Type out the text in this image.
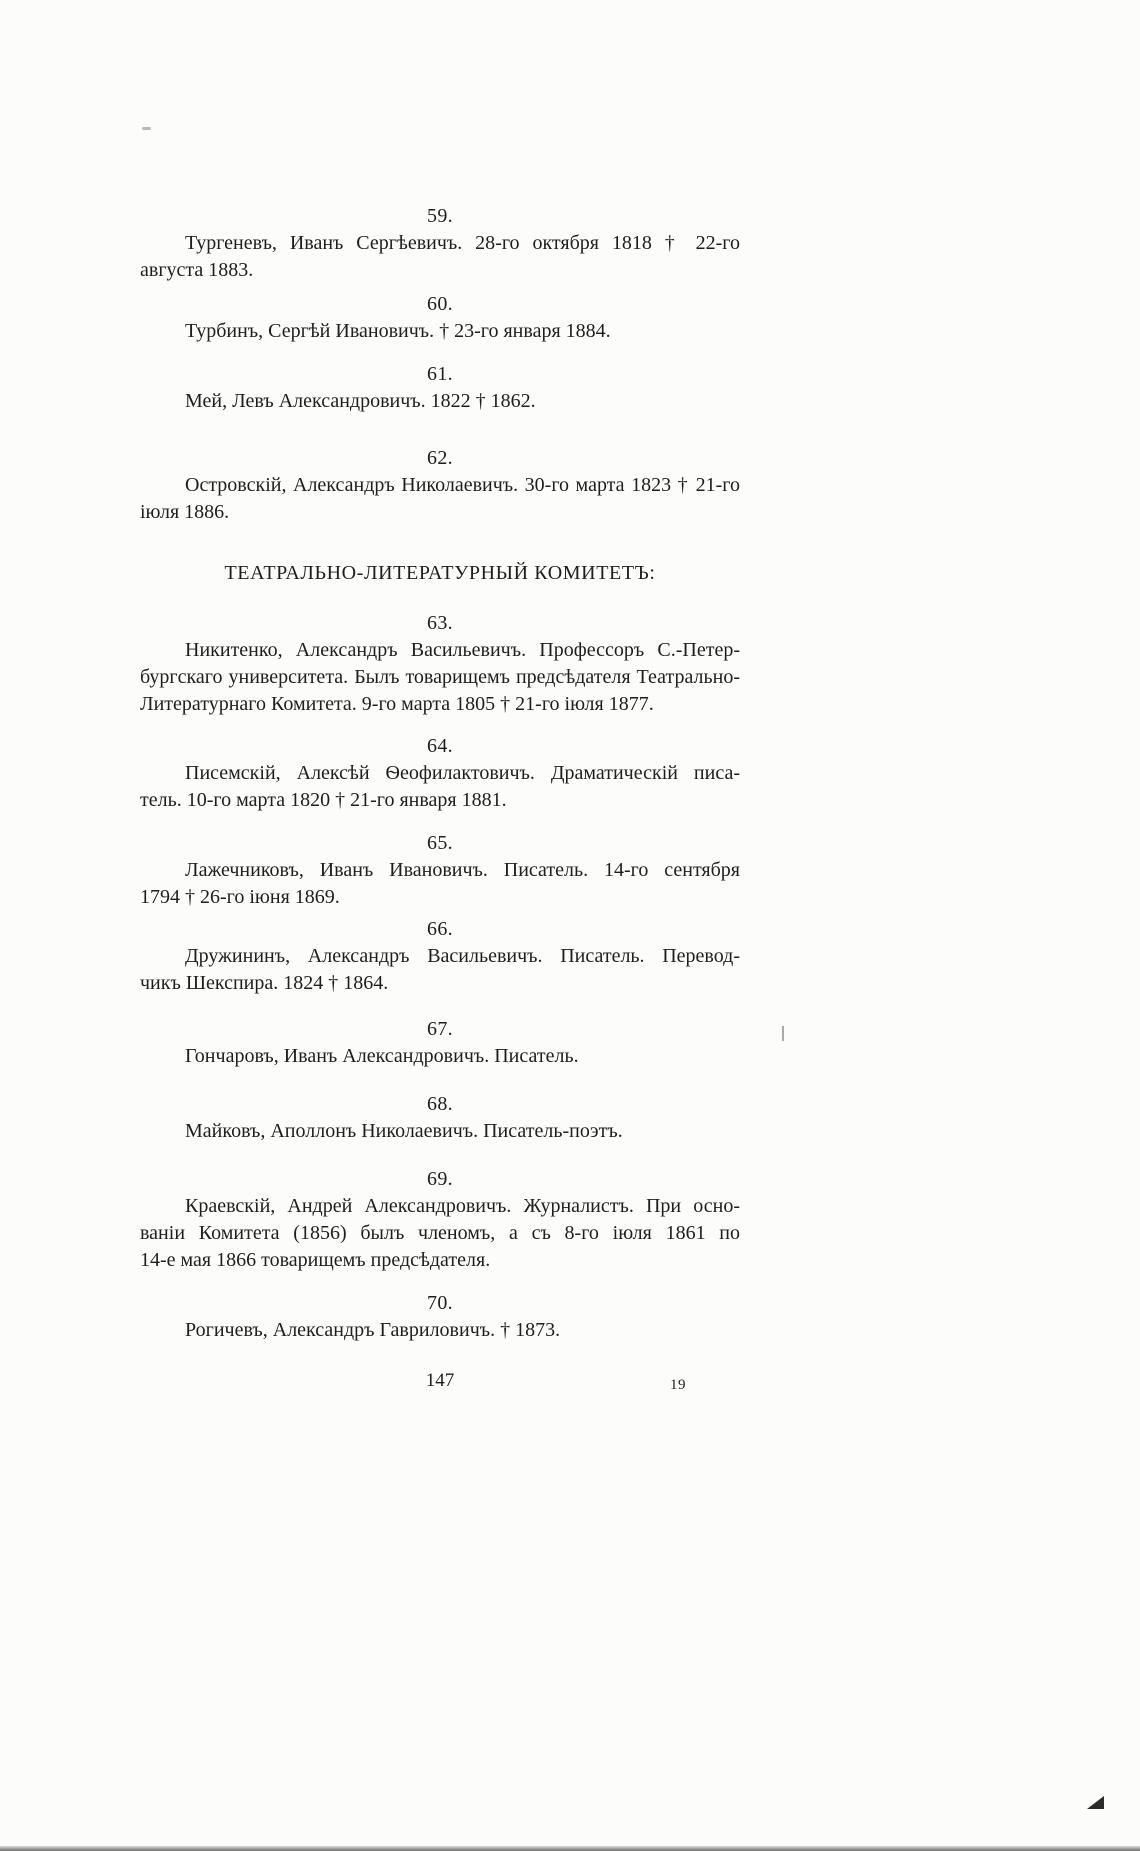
59.
Тургеневъ, Иванъ Сергѣевичъ. 28-го октября 1818 † 22-го
августа 1883.
60.
Турбинъ, Сергѣй Ивановичъ. † 23-го января 1884.
61.
Мей, Левъ Александровичъ. 1822 † 1862.
62.
Островскій, Александръ Николаевичъ. 30-го марта 1823 † 21-го
іюля 1886.
ТЕАТРАЛЬНО-ЛИТЕРАТУРНЫЙ КОМИТЕТЪ:
63.
Никитенко, Александръ Васильевичъ. Профессоръ С.-Петер-
бургскаго университета. Былъ товарищемъ предсѣдателя Театрально-
Литературнаго Комитета. 9-го марта 1805 † 21-го іюля 1877.
64.
Писемскій, Алексѣй Ѳеофилактовичъ. Драматическій писа-
тель. 10-го марта 1820 † 21-го января 1881.
65.
Лажечниковъ, Иванъ Ивановичъ. Писатель. 14-го сентября
1794 † 26-го іюня 1869.
66.
Дружининъ, Александръ Васильевичъ. Писатель. Перевод-
чикъ Шекспира. 1824 † 1864.
67.
Гончаровъ, Иванъ Александровичъ. Писатель.
68.
Майковъ, Аполлонъ Николаевичъ. Писатель-поэтъ.
69.
Краевскій, Андрей Александровичъ. Журналистъ. При осно-
ваніи Комитета (1856) былъ членомъ, а съ 8-го іюля 1861 по
14-е мая 1866 товарищемъ предсѣдателя.
70.
Рогичевъ, Александръ Гавриловичъ. † 1873.
147	19
